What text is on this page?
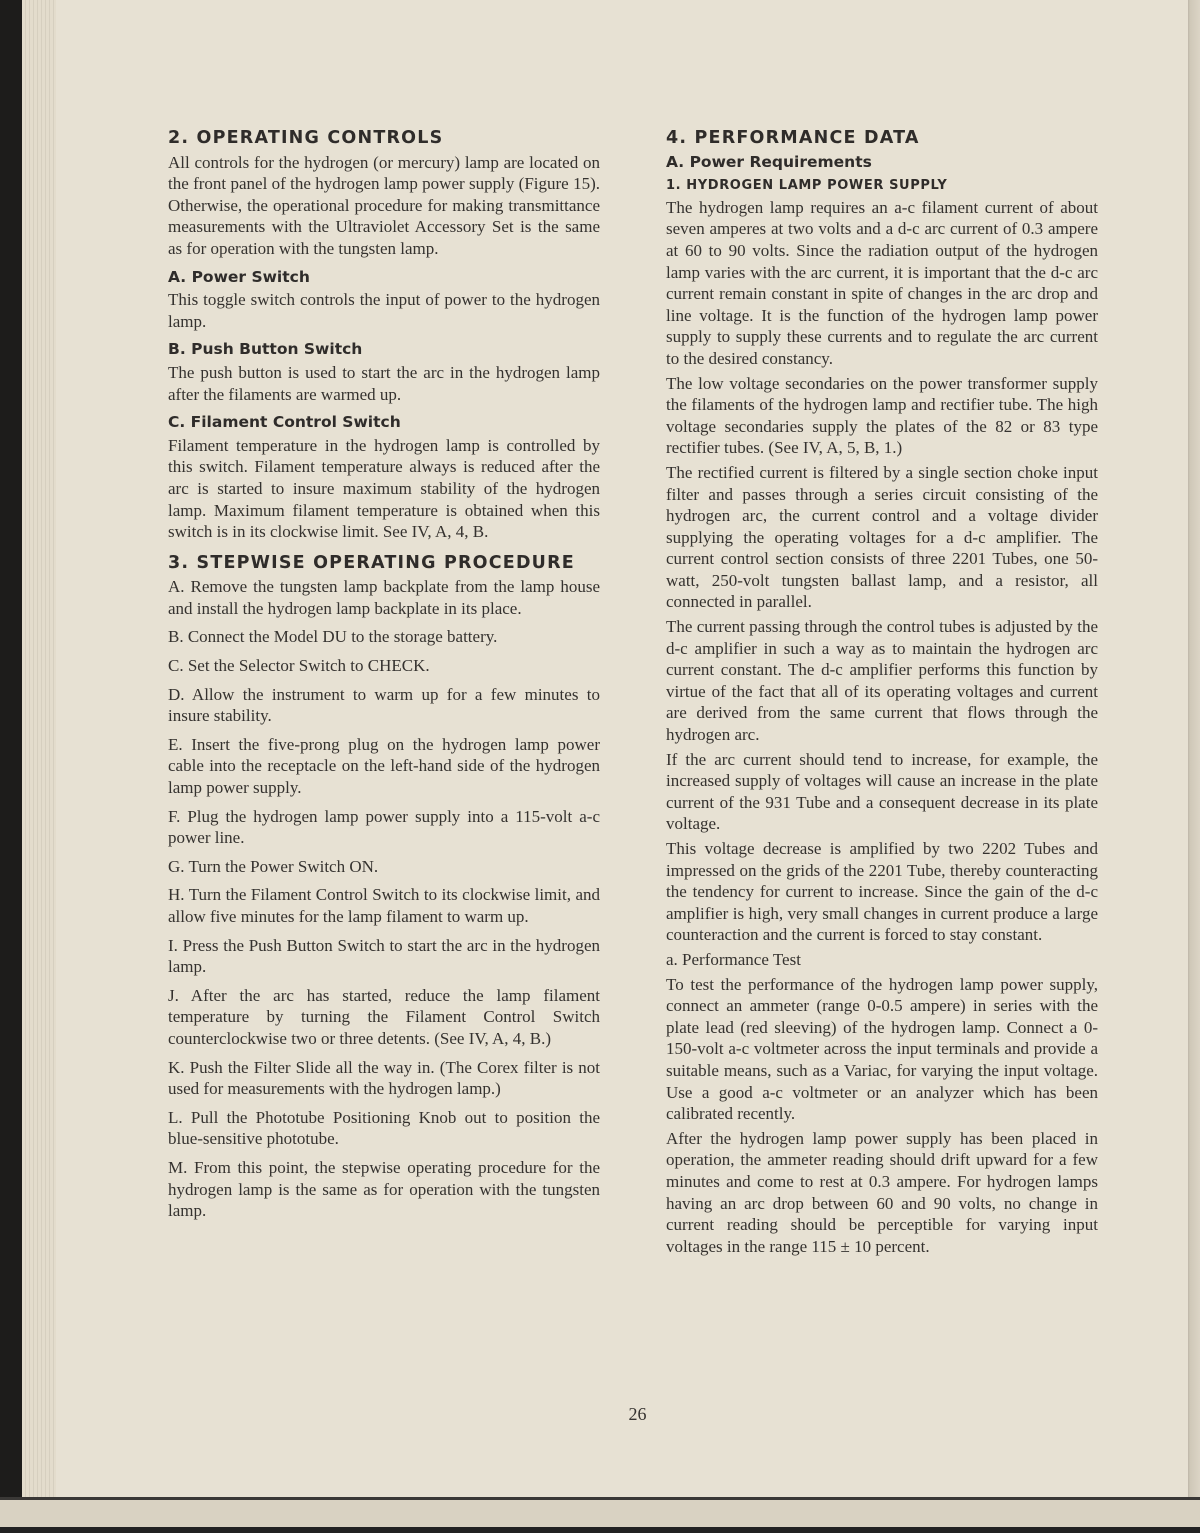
2. OPERATING CONTROLS

All controls for the hydrogen (or mercury) lamp are located on the front panel of the hydrogen lamp power supply (Figure 15). Otherwise, the operational procedure for making transmittance measurements with the Ultraviolet Accessory Set is the same as for operation with the tungsten lamp.

A. Power Switch

This toggle switch controls the input of power to the hydrogen lamp.

B. Push Button Switch

The push button is used to start the arc in the hydrogen lamp after the filaments are warmed up.

C. Filament Control Switch

Filament temperature in the hydrogen lamp is controlled by this switch. Filament temperature always is reduced after the arc is started to insure maximum stability of the hydrogen lamp. Maximum filament temperature is obtained when this switch is in its clockwise limit. See IV, A, 4, B.

3. STEPWISE OPERATING PROCEDURE

A. Remove the tungsten lamp backplate from the lamp house and install the hydrogen lamp backplate in its place.

B. Connect the Model DU to the storage battery.

C. Set the Selector Switch to CHECK.

D. Allow the instrument to warm up for a few minutes to insure stability.

E. Insert the five-prong plug on the hydrogen lamp power cable into the receptacle on the left-hand side of the hydrogen lamp power supply.

F. Plug the hydrogen lamp power supply into a 115-volt a-c power line.

G. Turn the Power Switch ON.

H. Turn the Filament Control Switch to its clockwise limit, and allow five minutes for the lamp filament to warm up.

I. Press the Push Button Switch to start the arc in the hydrogen lamp.

J. After the arc has started, reduce the lamp filament temperature by turning the Filament Control Switch counterclockwise two or three detents. (See IV, A, 4, B.)

K. Push the Filter Slide all the way in. (The Corex filter is not used for measurements with the hydrogen lamp.)

L. Pull the Phototube Positioning Knob out to position the blue-sensitive phototube.

M. From this point, the stepwise operating procedure for the hydrogen lamp is the same as for operation with the tungsten lamp.

4. PERFORMANCE DATA
A. Power Requirements
1. HYDROGEN LAMP POWER SUPPLY

The hydrogen lamp requires an a-c filament current of about seven amperes at two volts and a d-c arc current of 0.3 ampere at 60 to 90 volts. Since the radiation output of the hydrogen lamp varies with the arc current, it is important that the d-c arc current remain constant in spite of changes in the arc drop and line voltage. It is the function of the hydrogen lamp power supply to supply these currents and to regulate the arc current to the desired constancy.

The low voltage secondaries on the power transformer supply the filaments of the hydrogen lamp and rectifier tube. The high voltage secondaries supply the plates of the 82 or 83 type rectifier tubes. (See IV, A, 5, B, 1.)

The rectified current is filtered by a single section choke input filter and passes through a series circuit consisting of the hydrogen arc, the current control and a voltage divider supplying the operating voltages for a d-c amplifier. The current control section consists of three 2201 Tubes, one 50-watt, 250-volt tungsten ballast lamp, and a resistor, all connected in parallel.

The current passing through the control tubes is adjusted by the d-c amplifier in such a way as to maintain the hydrogen arc current constant. The d-c amplifier performs this function by virtue of the fact that all of its operating voltages and current are derived from the same current that flows through the hydrogen arc.

If the arc current should tend to increase, for example, the increased supply of voltages will cause an increase in the plate current of the 931 Tube and a consequent decrease in its plate voltage.

This voltage decrease is amplified by two 2202 Tubes and impressed on the grids of the 2201 Tube, thereby counteracting the tendency for current to increase. Since the gain of the d-c amplifier is high, very small changes in current produce a large counteraction and the current is forced to stay constant.

a. Performance Test

To test the performance of the hydrogen lamp power supply, connect an ammeter (range 0-0.5 ampere) in series with the plate lead (red sleeving) of the hydrogen lamp. Connect a 0-150-volt a-c voltmeter across the input terminals and provide a suitable means, such as a Variac, for varying the input voltage. Use a good a-c voltmeter or an analyzer which has been calibrated recently.

After the hydrogen lamp power supply has been placed in operation, the ammeter reading should drift upward for a few minutes and come to rest at 0.3 ampere. For hydrogen lamps having an arc drop between 60 and 90 volts, no change in current reading should be perceptible for varying input voltages in the range 115 ± 10 percent.

26
